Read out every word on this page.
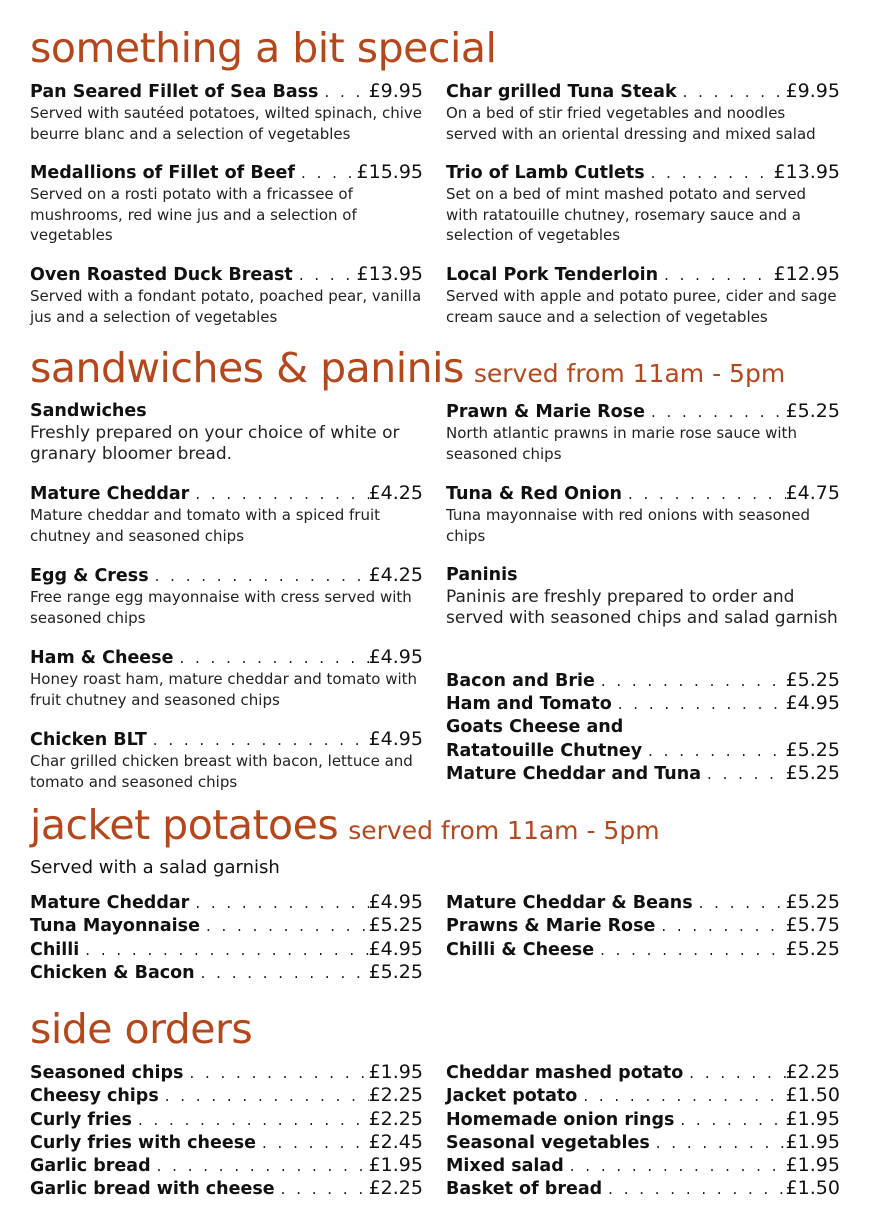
something a bit special
Pan Seared Fillet of Sea Bass . . .	£9.95
Served with sautéed potatoes, wilted spinach, chive beurre blanc and a selection of vegetables
Medallions of Fillet of Beef . . .	£15.95
Served on a rosti potato with a fricassee of mushrooms, red wine jus and a selection of vegetables
Oven Roasted Duck Breast . . .	£13.95
Served with a fondant potato, poached pear, vanilla jus and a selection of vegetables
Char grilled Tuna Steak . . .	£9.95
On a bed of stir fried vegetables and noodles served with an oriental dressing and mixed salad
Trio of Lamb Cutlets . . .	£13.95
Set on a bed of mint mashed potato and served with ratatouille chutney, rosemary sauce and a selection of vegetables
Local Pork Tenderloin . . .	£12.95
Served with apple and potato puree, cider and sage cream sauce and a selection of vegetables
sandwiches & paninis served from 11am - 5pm
Sandwiches
Freshly prepared on your choice of white or granary bloomer bread.
Mature Cheddar . . .	£4.25
Mature cheddar and tomato with a spiced fruit chutney and seasoned chips
Egg & Cress . . .	£4.25
Free range egg mayonnaise with cress served with seasoned chips
Ham & Cheese . . .	£4.95
Honey roast ham, mature cheddar and tomato with fruit chutney and seasoned chips
Chicken BLT . . .	£4.95
Char grilled chicken breast with bacon, lettuce and tomato and seasoned chips
Prawn & Marie Rose . . .	£5.25
North atlantic prawns in marie rose sauce with seasoned chips
Tuna & Red Onion . . .	£4.75
Tuna mayonnaise with red onions with seasoned chips
Paninis
Paninis are freshly prepared to order and served with seasoned chips and salad garnish
Bacon and Brie . . .	£5.25
Ham and Tomato . . .	£4.95
Goats Cheese and
Ratatouille Chutney . . .	£5.25
Mature Cheddar and Tuna . . .	£5.25
jacket potatoes served from 11am - 5pm
Served with a salad garnish
Mature Cheddar . . .	£4.95
Tuna Mayonnaise . . .	£5.25
Chilli . . .	£4.95
Chicken & Bacon . . .	£5.25
Mature Cheddar & Beans . . .	£5.25
Prawns & Marie Rose . . .	£5.75
Chilli & Cheese . . .	£5.25
side orders
Seasoned chips . . .	£1.95
Cheesy chips . . .	£2.25
Curly fries . . .	£2.25
Curly fries with cheese . . .	£2.45
Garlic bread . . .	£1.95
Garlic bread with cheese . . .	£2.25
Cheddar mashed potato . . .	£2.25
Jacket potato . . .	£1.50
Homemade onion rings . . .	£1.95
Seasonal vegetables . . .	£1.95
Mixed salad . . .	£1.95
Basket of bread . . .	£1.50
